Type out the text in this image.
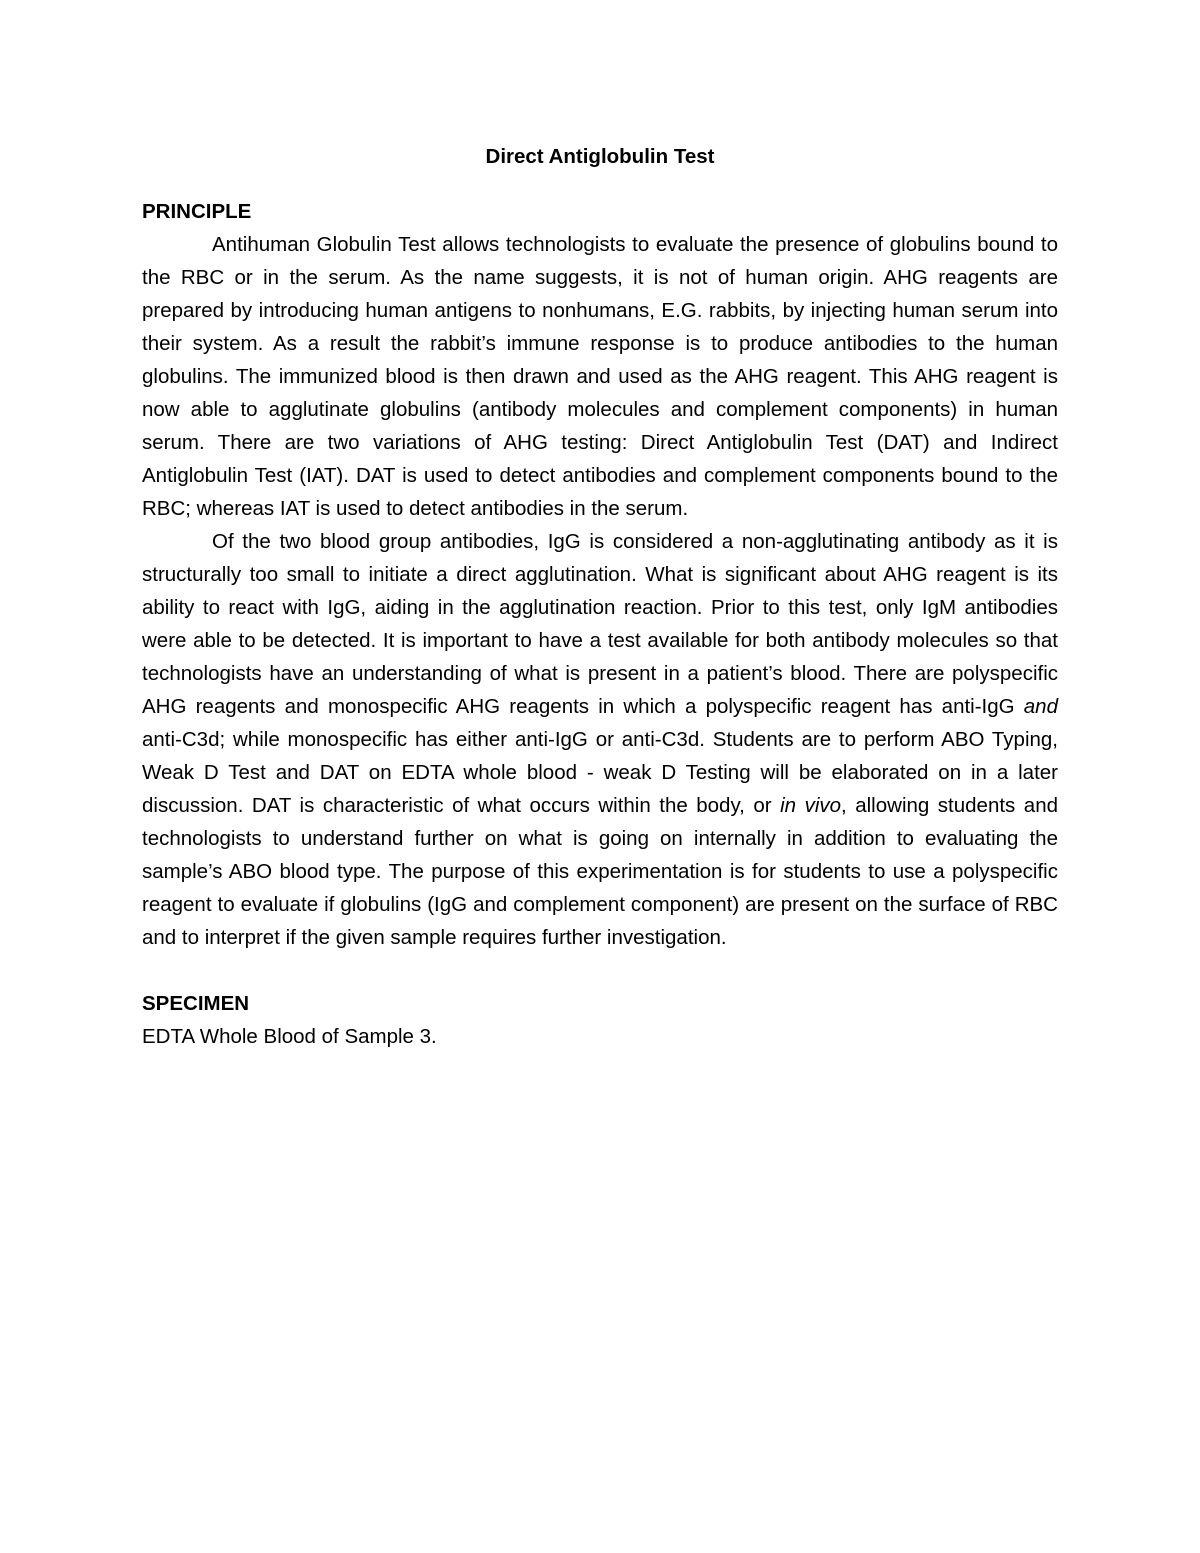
Direct Antiglobulin Test

PRINCIPLE

Antihuman Globulin Test allows technologists to evaluate the presence of globulins bound to the RBC or in the serum. As the name suggests, it is not of human origin. AHG reagents are prepared by introducing human antigens to nonhumans, E.G. rabbits, by injecting human serum into their system. As a result the rabbit’s immune response is to produce antibodies to the human globulins. The immunized blood is then drawn and used as the AHG reagent. This AHG reagent is now able to agglutinate globulins (antibody molecules and complement components) in human serum. There are two variations of AHG testing: Direct Antiglobulin Test (DAT) and Indirect Antiglobulin Test (IAT). DAT is used to detect antibodies and complement components bound to the RBC; whereas IAT is used to detect antibodies in the serum.

Of the two blood group antibodies, IgG is considered a non-agglutinating antibody as it is structurally too small to initiate a direct agglutination. What is significant about AHG reagent is its ability to react with IgG, aiding in the agglutination reaction. Prior to this test, only IgM antibodies were able to be detected. It is important to have a test available for both antibody molecules so that technologists have an understanding of what is present in a patient’s blood. There are polyspecific AHG reagents and monospecific AHG reagents in which a polyspecific reagent has anti-IgG and anti-C3d; while monospecific has either anti-IgG or anti-C3d. Students are to perform ABO Typing, Weak D Test and DAT on EDTA whole blood - weak D Testing will be elaborated on in a later discussion. DAT is characteristic of what occurs within the body, or in vivo, allowing students and technologists to understand further on what is going on internally in addition to evaluating the sample’s ABO blood type. The purpose of this experimentation is for students to use a polyspecific reagent to evaluate if globulins (IgG and complement component) are present on the surface of RBC and to interpret if the given sample requires further investigation.

SPECIMEN

EDTA Whole Blood of Sample 3.
